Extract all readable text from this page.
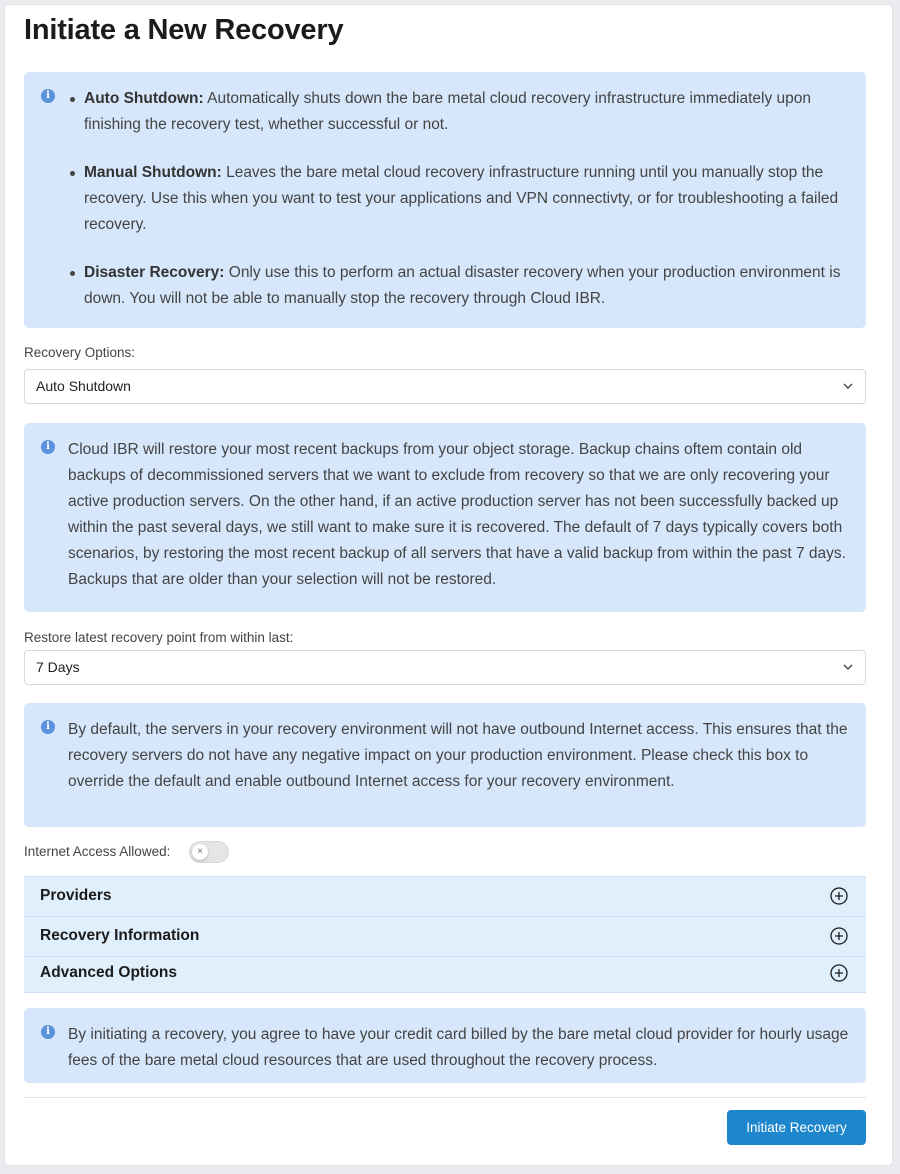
Initiate a New Recovery
i	Auto Shutdown: Automatically shuts down the bare metal cloud recovery infrastructure immediately upon finishing the recovery test, whether successful or not.
Manual Shutdown: Leaves the bare metal cloud recovery infrastructure running until you manually stop the recovery. Use this when you want to test your applications and VPN connectivty, or for troubleshooting a failed recovery.
Disaster Recovery: Only use this to perform an actual disaster recovery when your production environment is down. You will not be able to manually stop the recovery through Cloud IBR.
Recovery Options:
Auto Shutdown
i	Cloud IBR will restore your most recent backups from your object storage. Backup chains oftem contain old backups of decommissioned servers that we want to exclude from recovery so that we are only recovering your active production servers. On the other hand, if an active production server has not been successfully backed up within the past several days, we still want to make sure it is recovered. The default of 7 days typically covers both scenarios, by restoring the most recent backup of all servers that have a valid backup from within the past 7 days. Backups that are older than your selection will not be restored.

Restore latest recovery point from within last:
7 Days
i	By default, the servers in your recovery environment will not have outbound Internet access. This ensures that the recovery servers do not have any negative impact on your production environment. Please check this box to override the default and enable outbound Internet access for your recovery environment.

Internet Access Allowed:	×
Providers
Recovery Information
Advanced Options
i	By initiating a recovery, you agree to have your credit card billed by the bare metal cloud provider for hourly usage fees of the bare metal cloud resources that are used throughout the recovery process.

Initiate Recovery
